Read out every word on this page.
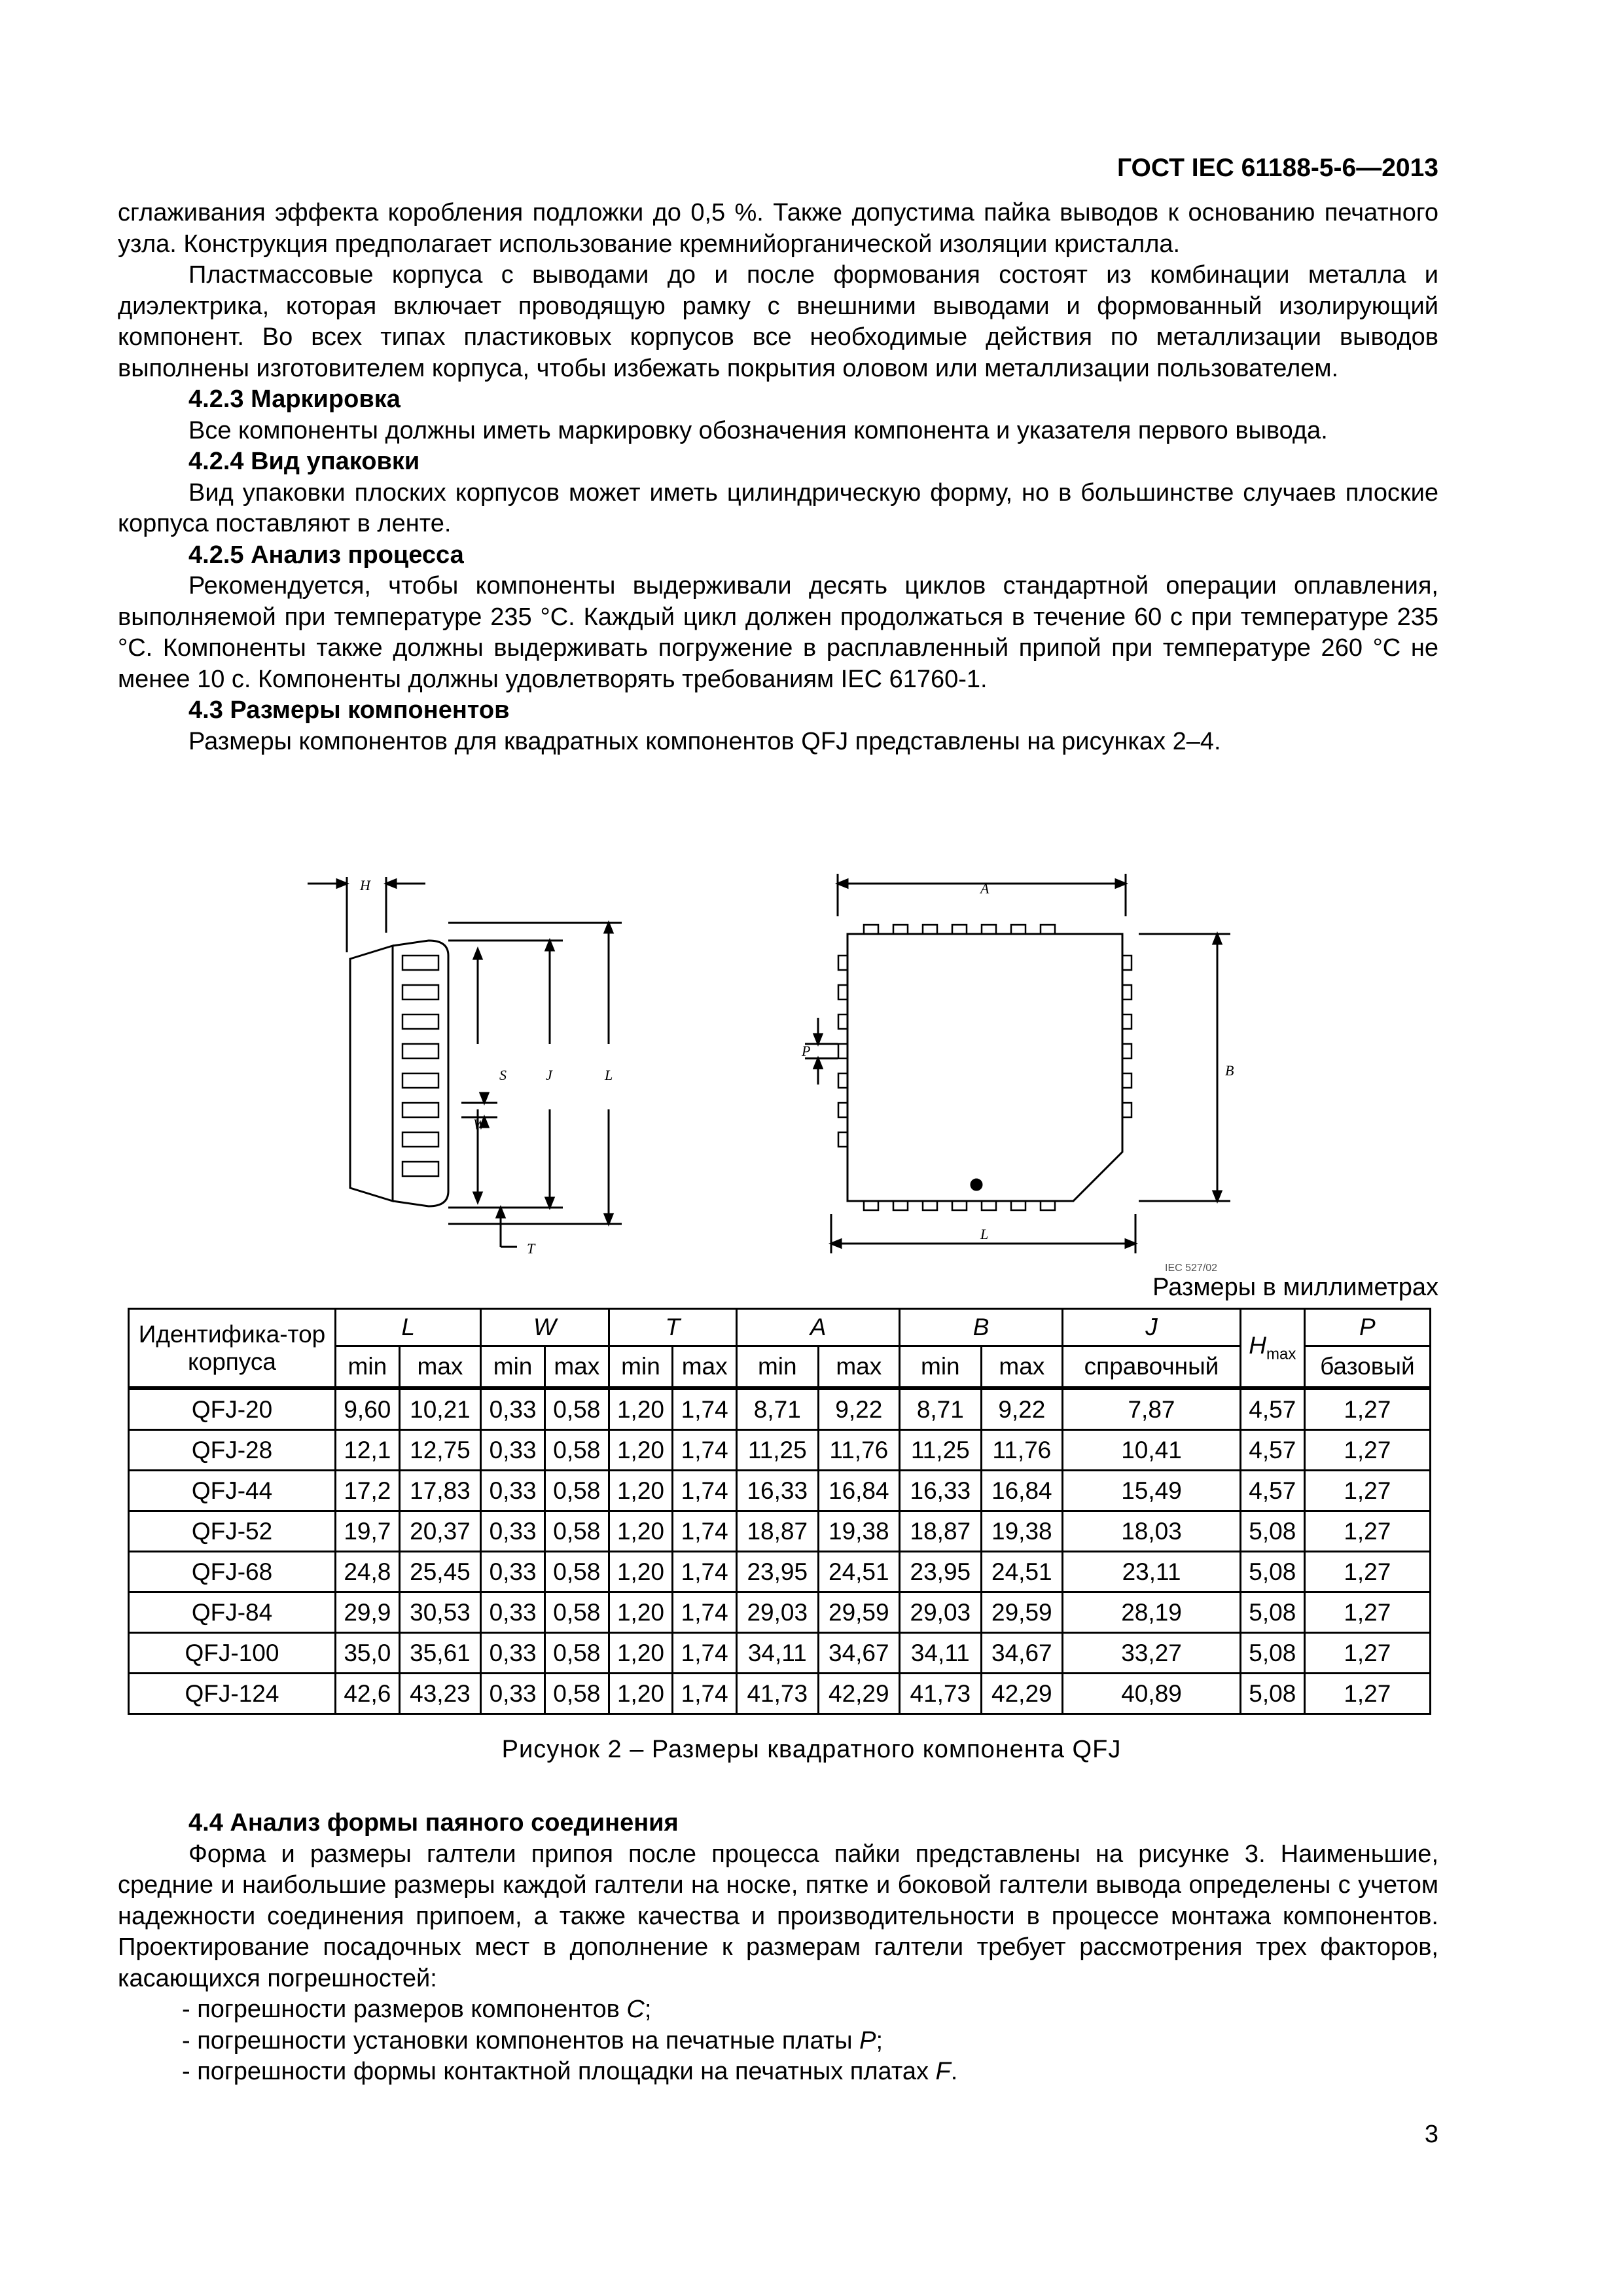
ГОСТ IEC 61188-5-6—2013

сглаживания эффекта коробления подложки до 0,5 %. Также допустима пайка выводов к основанию печатного узла. Конструкция предполагает использование кремнийорганической изоляции кристалла.

Пластмассовые корпуса с выводами до и после формования состоят из комбинации металла и диэлектрика, которая включает проводящую рамку с внешними выводами и формованный изолирующий компонент. Во всех типах пластиковых корпусов все необходимые действия по металлизации выводов выполнены изготовителем корпуса, чтобы избежать покрытия оловом или металлизации пользователем.

4.2.3 Маркировка

Все компоненты должны иметь маркировку обозначения компонента и указателя первого вывода.

4.2.4 Вид упаковки

Вид упаковки плоских корпусов может иметь цилиндрическую форму, но в большинстве случаев плоские корпуса поставляют в ленте.

4.2.5 Анализ процесса

Рекомендуется, чтобы компоненты выдерживали десять циклов стандартной операции оплавления, выполняемой при температуре 235 °C. Каждый цикл должен продолжаться в течение 60 с при температуре 235 °C. Компоненты также должны выдерживать погружение в расплавленный припой при температуре 260 °C не менее 10 с. Компоненты должны удовлетворять требованиям IEC 61760-1.

4.3 Размеры компонентов

Размеры компонентов для квадратных компонентов QFJ представлены на рисунках 2–4.

H
S	J	L
W
T
A
B
P
L
IEC 527/02
Размеры в миллиметрах
Идентифика-тор корпуса	L		W		T		A		B		J	$H_{max}$	P
	min	max	min	max	min	max	min	max	min	max	справочный		базовый
QFJ-20	9,60	10,21	0,33	0,58	1,20	1,74	8,71	9,22	8,71	9,22	7,87	4,57	1,27
QFJ-28	12,1	12,75	0,33	0,58	1,20	1,74	11,25	11,76	11,25	11,76	10,41	4,57	1,27
QFJ-44	17,2	17,83	0,33	0,58	1,20	1,74	16,33	16,84	16,33	16,84	15,49	4,57	1,27
QFJ-52	19,7	20,37	0,33	0,58	1,20	1,74	18,87	19,38	18,87	19,38	18,03	5,08	1,27
QFJ-68	24,8	25,45	0,33	0,58	1,20	1,74	23,95	24,51	23,95	24,51	23,11	5,08	1,27
QFJ-84	29,9	30,53	0,33	0,58	1,20	1,74	29,03	29,59	29,03	29,59	28,19	5,08	1,27
QFJ-100	35,0	35,61	0,33	0,58	1,20	1,74	34,11	34,67	34,11	34,67	33,27	5,08	1,27
QFJ-124	42,6	43,23	0,33	0,58	1,20	1,74	41,73	42,29	41,73	42,29	40,89	5,08	1,27
Рисунок 2 – Размеры квадратного компонента QFJ

4.4 Анализ формы паяного соединения

Форма и размеры галтели припоя после процесса пайки представлены на рисунке 3. Наименьшие, средние и наибольшие размеры каждой галтели на носке, пятке и боковой галтели вывода определены с учетом надежности соединения припоем, а также качества и производительности в процессе монтажа компонентов. Проектирование посадочных мест в дополнение к размерам галтели требует рассмотрения трех факторов, касающихся погрешностей:

- погрешности размеров компонентов C;

- погрешности установки компонентов на печатные платы P;

- погрешности формы контактной площадки на печатных платах F.

3
